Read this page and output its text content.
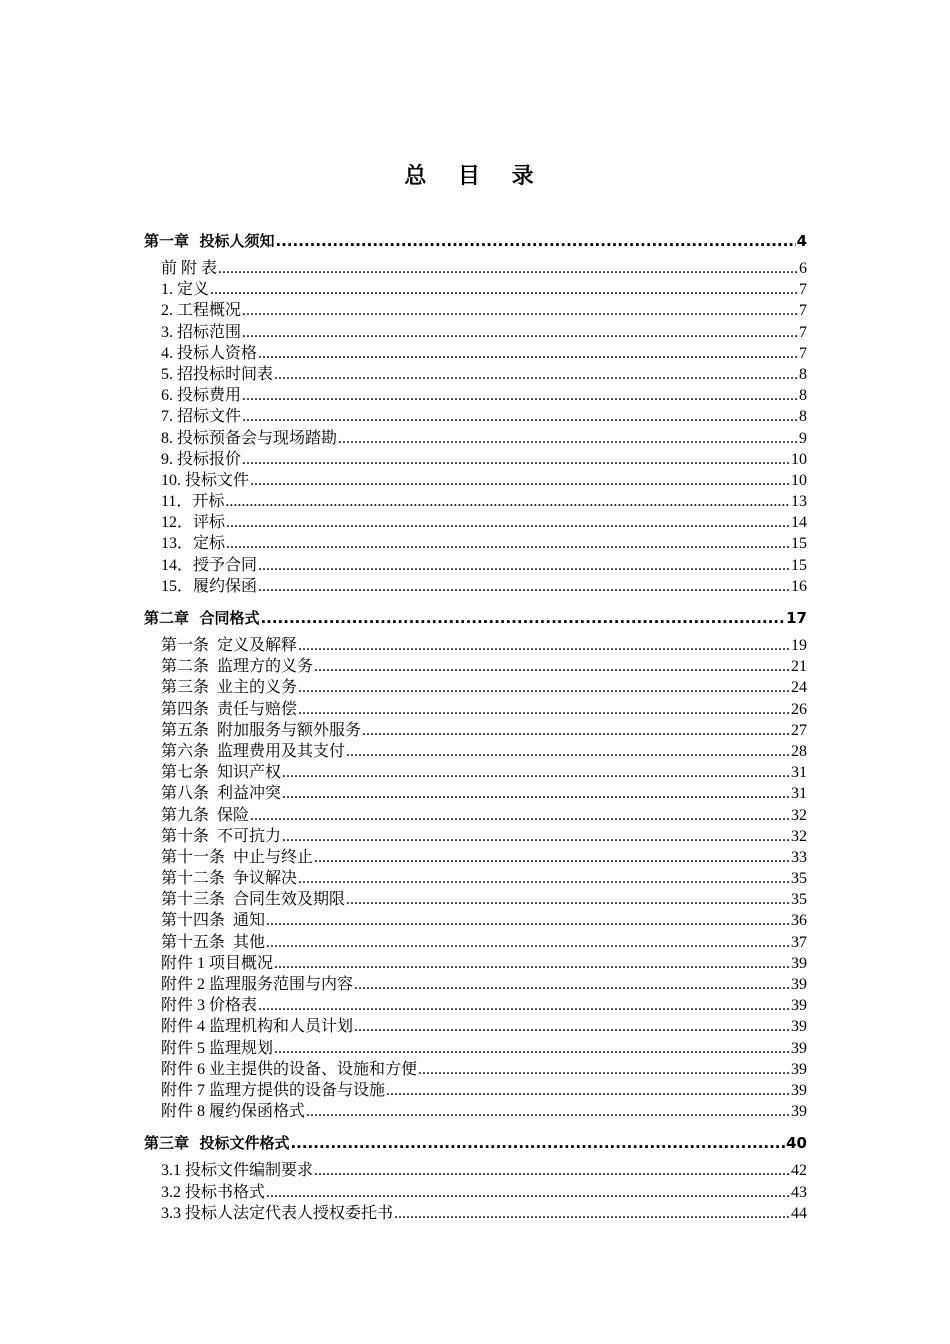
总 目 录
第一章  投标人须知 .....	4
前 附 表 .....	6
1. 定义 .....	7
2. 工程概况 .....	7
3. 招标范围 .....	7
4. 投标人资格 .....	7
5. 招投标时间表 .....	8
6. 投标费用 .....	8
7. 招标文件 .....	8
8. 投标预备会与现场踏勘 .....	9
9. 投标报价 .....	10
10. 投标文件 .....	10
11．开标 .....	13
12．评标 .....	14
13．定标 .....	15
14．授予合同 .....	15
15．履约保函 .....	16
第二章  合同格式 .....	17
第一条  定义及解释 .....	19
第二条  监理方的义务 .....	21
第三条  业主的义务 .....	24
第四条  责任与赔偿 .....	26
第五条  附加服务与额外服务 .....	27
第六条  监理费用及其支付 .....	28
第七条  知识产权 .....	31
第八条  利益冲突 .....	31
第九条  保险 .....	32
第十条  不可抗力 .....	32
第十一条  中止与终止 .....	33
第十二条  争议解决 .....	35
第十三条  合同生效及期限 .....	35
第十四条  通知 .....	36
第十五条  其他 .....	37
附件 1 项目概况 .....	39
附件 2 监理服务范围与内容 .....	39
附件 3 价格表 .....	39
附件 4 监理机构和人员计划 .....	39
附件 5 监理规划 .....	39
附件 6 业主提供的设备、设施和方便 .....	39
附件 7 监理方提供的设备与设施 .....	39
附件 8 履约保函格式 .....	39
第三章  投标文件格式 .....	40
3.1 投标文件编制要求 .....	42
3.2 投标书格式 .....	43
3.3 投标人法定代表人授权委托书 .....	44
